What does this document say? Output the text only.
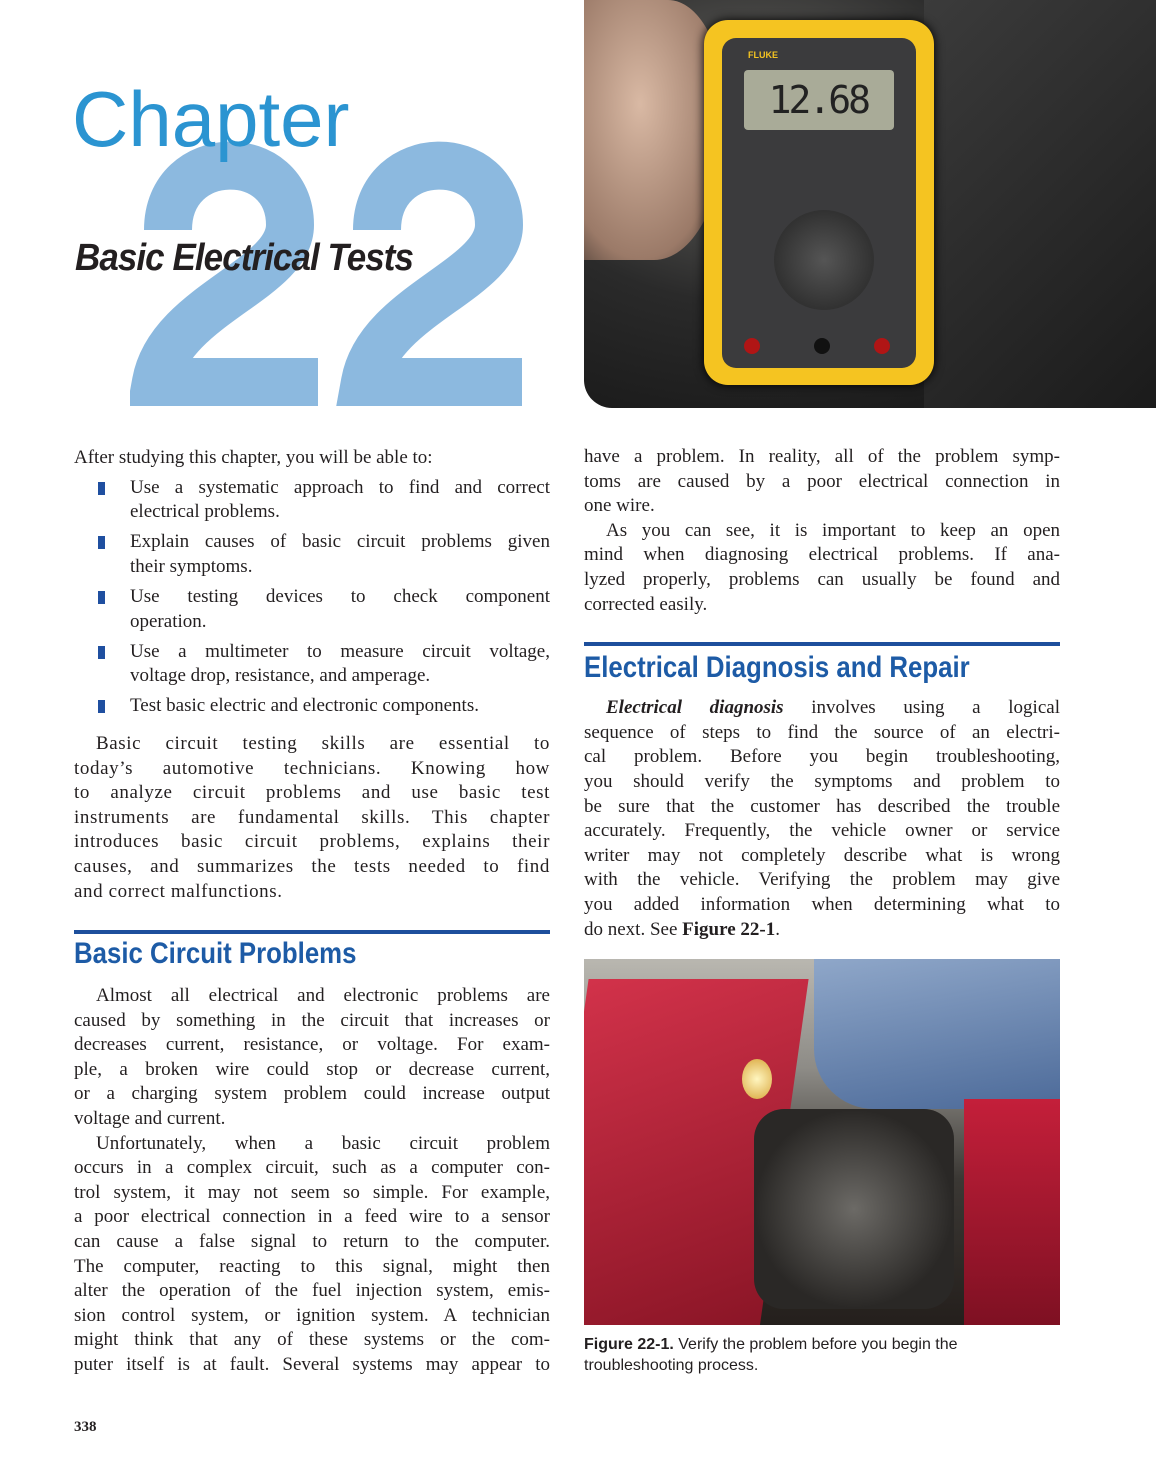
Chapter
Basic Electrical Tests
FLUKE
12.68
After studying this chapter, you will be able to:
Use a systematic approach to find and correct
electrical problems.
Explain causes of basic circuit problems given
their symptoms.
Use testing devices to check component
operation.
Use a multimeter to measure circuit voltage,
voltage drop, resistance, and amperage.
Test basic electric and electronic components.
Basic circuit testing skills are essential to
today’s automotive technicians. Knowing how
to analyze circuit problems and use basic test
instruments are fundamental skills. This chapter
introduces basic circuit problems, explains their
causes, and summarizes the tests needed to find
and correct malfunctions.
Basic Circuit Problems
Almost all electrical and electronic problems are
caused by something in the circuit that increases or
decreases current, resistance, or voltage. For exam-
ple, a broken wire could stop or decrease current,
or a charging system problem could increase output
voltage and current.
Unfortunately, when a basic circuit problem
occurs in a complex circuit, such as a computer con-
trol system, it may not seem so simple. For example,
a poor electrical connection in a feed wire to a sensor
can cause a false signal to return to the computer.
The computer, reacting to this signal, might then
alter the operation of the fuel injection system, emis-
sion control system, or ignition system. A technician
might think that any of these systems or the com-
puter itself is at fault. Several systems may appear to
have a problem. In reality, all of the problem symp-
toms are caused by a poor electrical connection in
one wire.
As you can see, it is important to keep an open
mind when diagnosing electrical problems. If ana-
lyzed properly, problems can usually be found and
corrected easily.
Electrical Diagnosis and Repair
Electrical diagnosis involves using a logical
sequence of steps to find the source of an electri-
cal problem. Before you begin troubleshooting,
you should verify the symptoms and problem to
be sure that the customer has described the trouble
accurately. Frequently, the vehicle owner or service
writer may not completely describe what is wrong
with the vehicle. Verifying the problem may give
you added information when determining what to
do next. See Figure 22-1.
Figure 22-1. Verify the problem before you begin the troubleshooting process.
338
